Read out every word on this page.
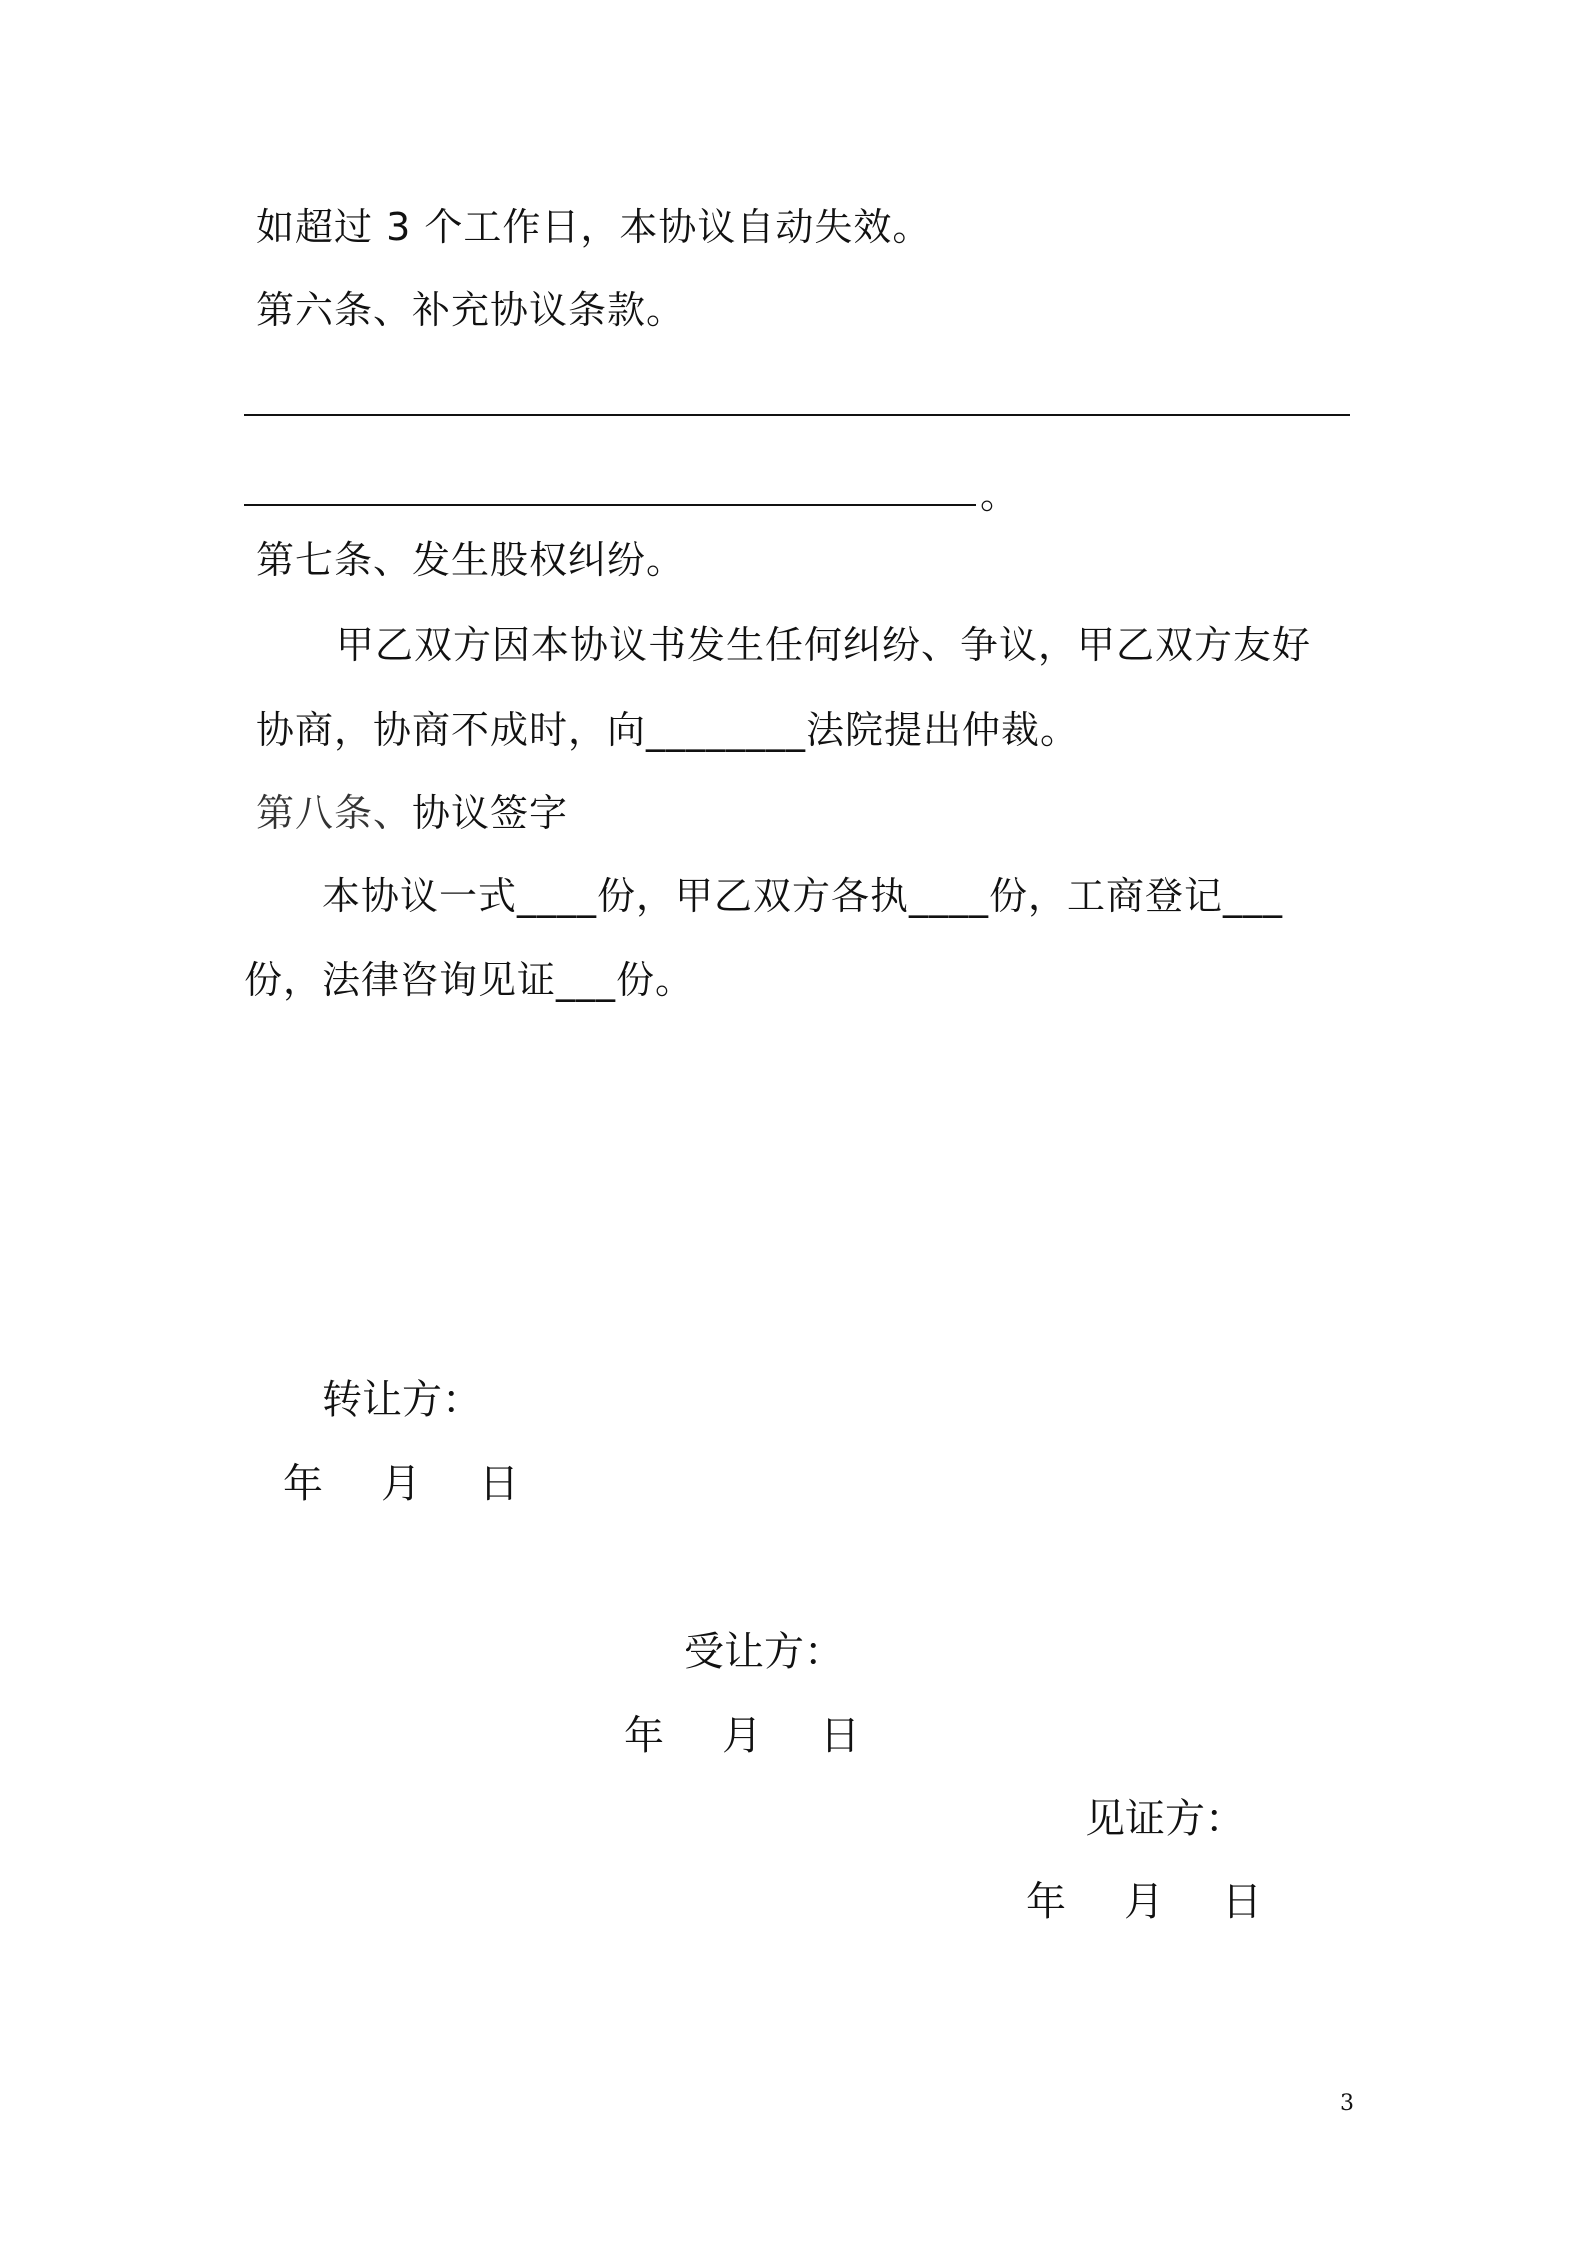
如超过 3 个工作日，本协议自动失效。
第六条、补充协议条款。
。
第七条、发生股权纠纷。
甲乙双方因本协议书发生任何纠纷、争议，甲乙双方友好
协商，协商不成时，向________法院提出仲裁。
第八条、协议签字
本协议一式____份，甲乙双方各执____份，工商登记___
份，法律咨询见证___份。
转让方：
年 月 日
受让方：
年 月 日
见证方：
年 月 日
3
